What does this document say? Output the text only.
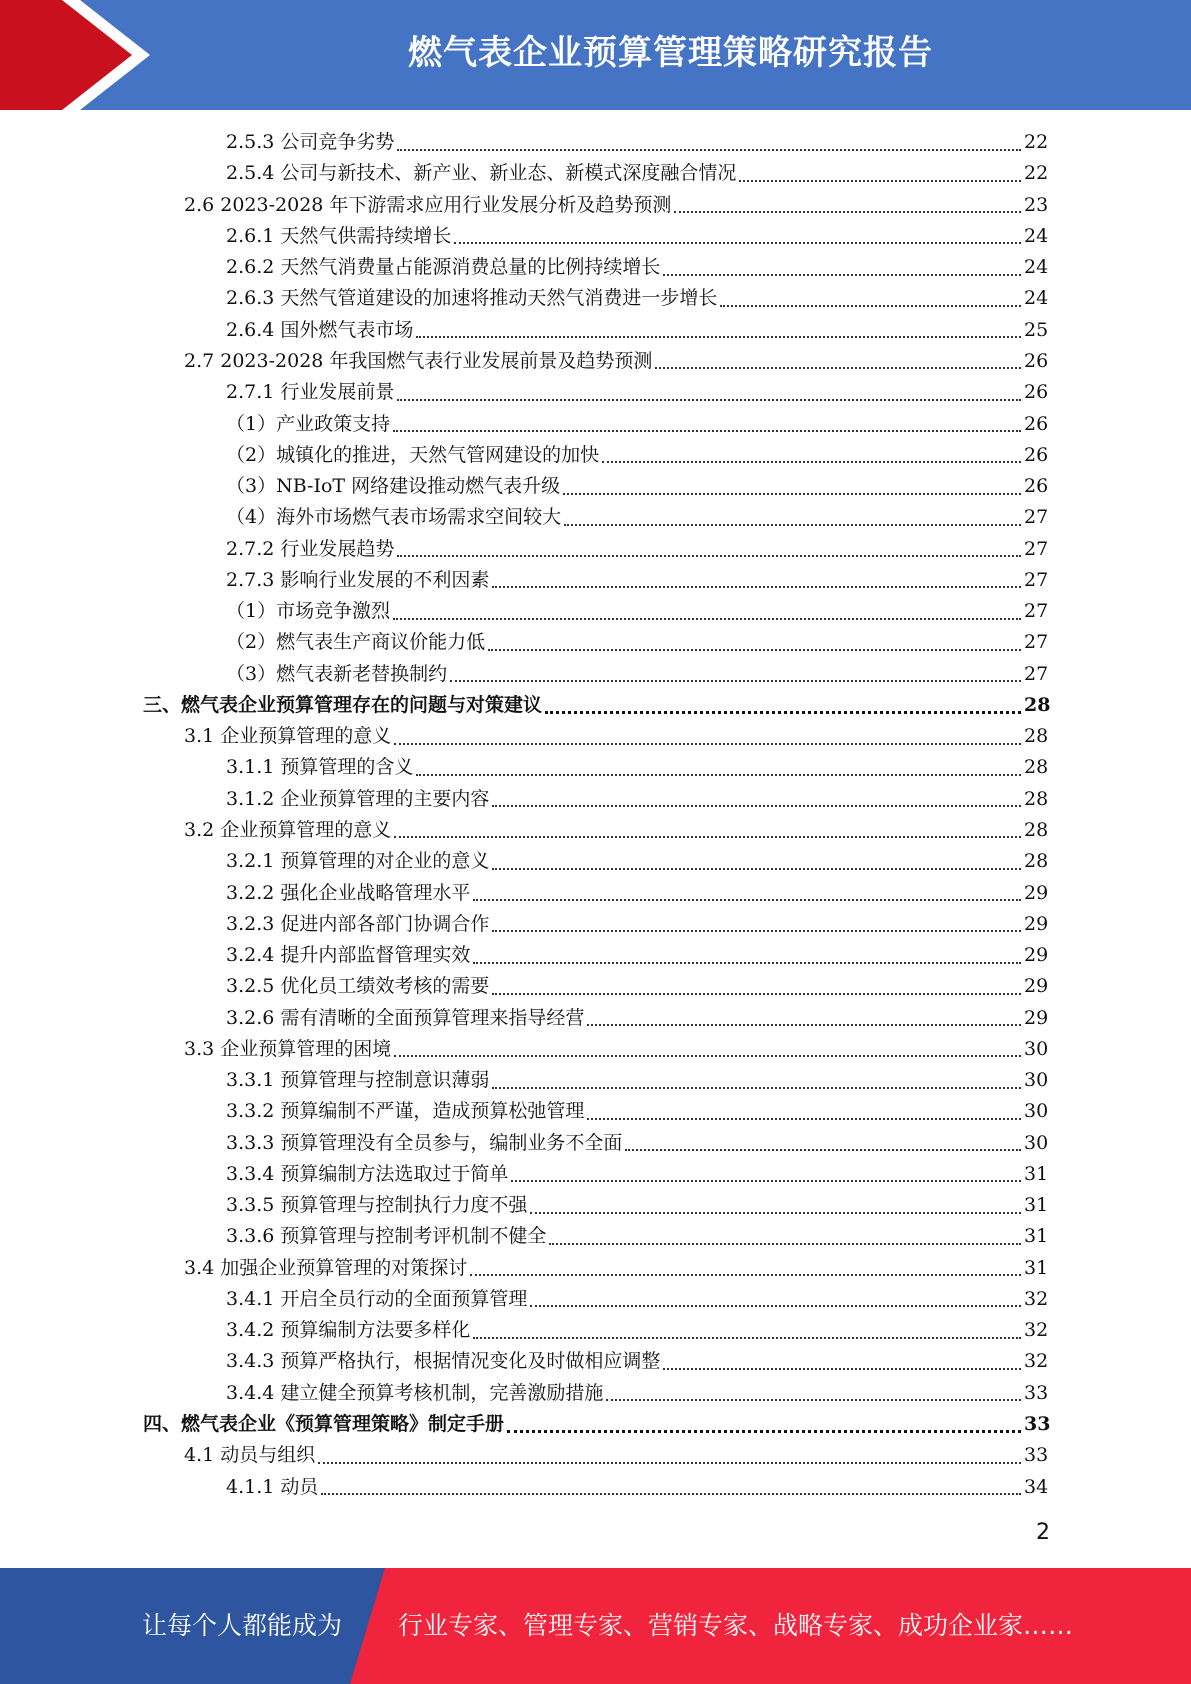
燃气表企业预算管理策略研究报告
2.5.3 公司竞争劣势	22
2.5.4 公司与新技术、新产业、新业态、新模式深度融合情况	22
2.6 2023-2028 年下游需求应用行业发展分析及趋势预测	23
2.6.1 天然气供需持续增长	24
2.6.2 天然气消费量占能源消费总量的比例持续增长	24
2.6.3 天然气管道建设的加速将推动天然气消费进一步增长	24
2.6.4 国外燃气表市场	25
2.7 2023-2028 年我国燃气表行业发展前景及趋势预测	26
2.7.1 行业发展前景	26
（1）产业政策支持	26
（2）城镇化的推进，天然气管网建设的加快	26
（3）NB-IoT 网络建设推动燃气表升级	26
（4）海外市场燃气表市场需求空间较大	27
2.7.2 行业发展趋势	27
2.7.3 影响行业发展的不利因素	27
（1）市场竞争激烈	27
（2）燃气表生产商议价能力低	27
（3）燃气表新老替换制约	27
三、燃气表企业预算管理存在的问题与对策建议	28
3.1 企业预算管理的意义	28
3.1.1 预算管理的含义	28
3.1.2 企业预算管理的主要内容	28
3.2 企业预算管理的意义	28
3.2.1 预算管理的对企业的意义	28
3.2.2 强化企业战略管理水平	29
3.2.3 促进内部各部门协调合作	29
3.2.4 提升内部监督管理实效	29
3.2.5 优化员工绩效考核的需要	29
3.2.6 需有清晰的全面预算管理来指导经营	29
3.3 企业预算管理的困境	30
3.3.1 预算管理与控制意识薄弱	30
3.3.2 预算编制不严谨，造成预算松弛管理	30
3.3.3 预算管理没有全员参与，编制业务不全面	30
3.3.4 预算编制方法选取过于简单	31
3.3.5 预算管理与控制执行力度不强	31
3.3.6 预算管理与控制考评机制不健全	31
3.4 加强企业预算管理的对策探讨	31
3.4.1 开启全员行动的全面预算管理	32
3.4.2 预算编制方法要多样化	32
3.4.3 预算严格执行，根据情况变化及时做相应调整	32
3.4.4 建立健全预算考核机制，完善激励措施	33
四、燃气表企业《预算管理策略》制定手册	33
4.1 动员与组织	33
4.1.1 动员	34
2
让每个人都能成为 行业专家、管理专家、营销专家、战略专家、成功企业家……
